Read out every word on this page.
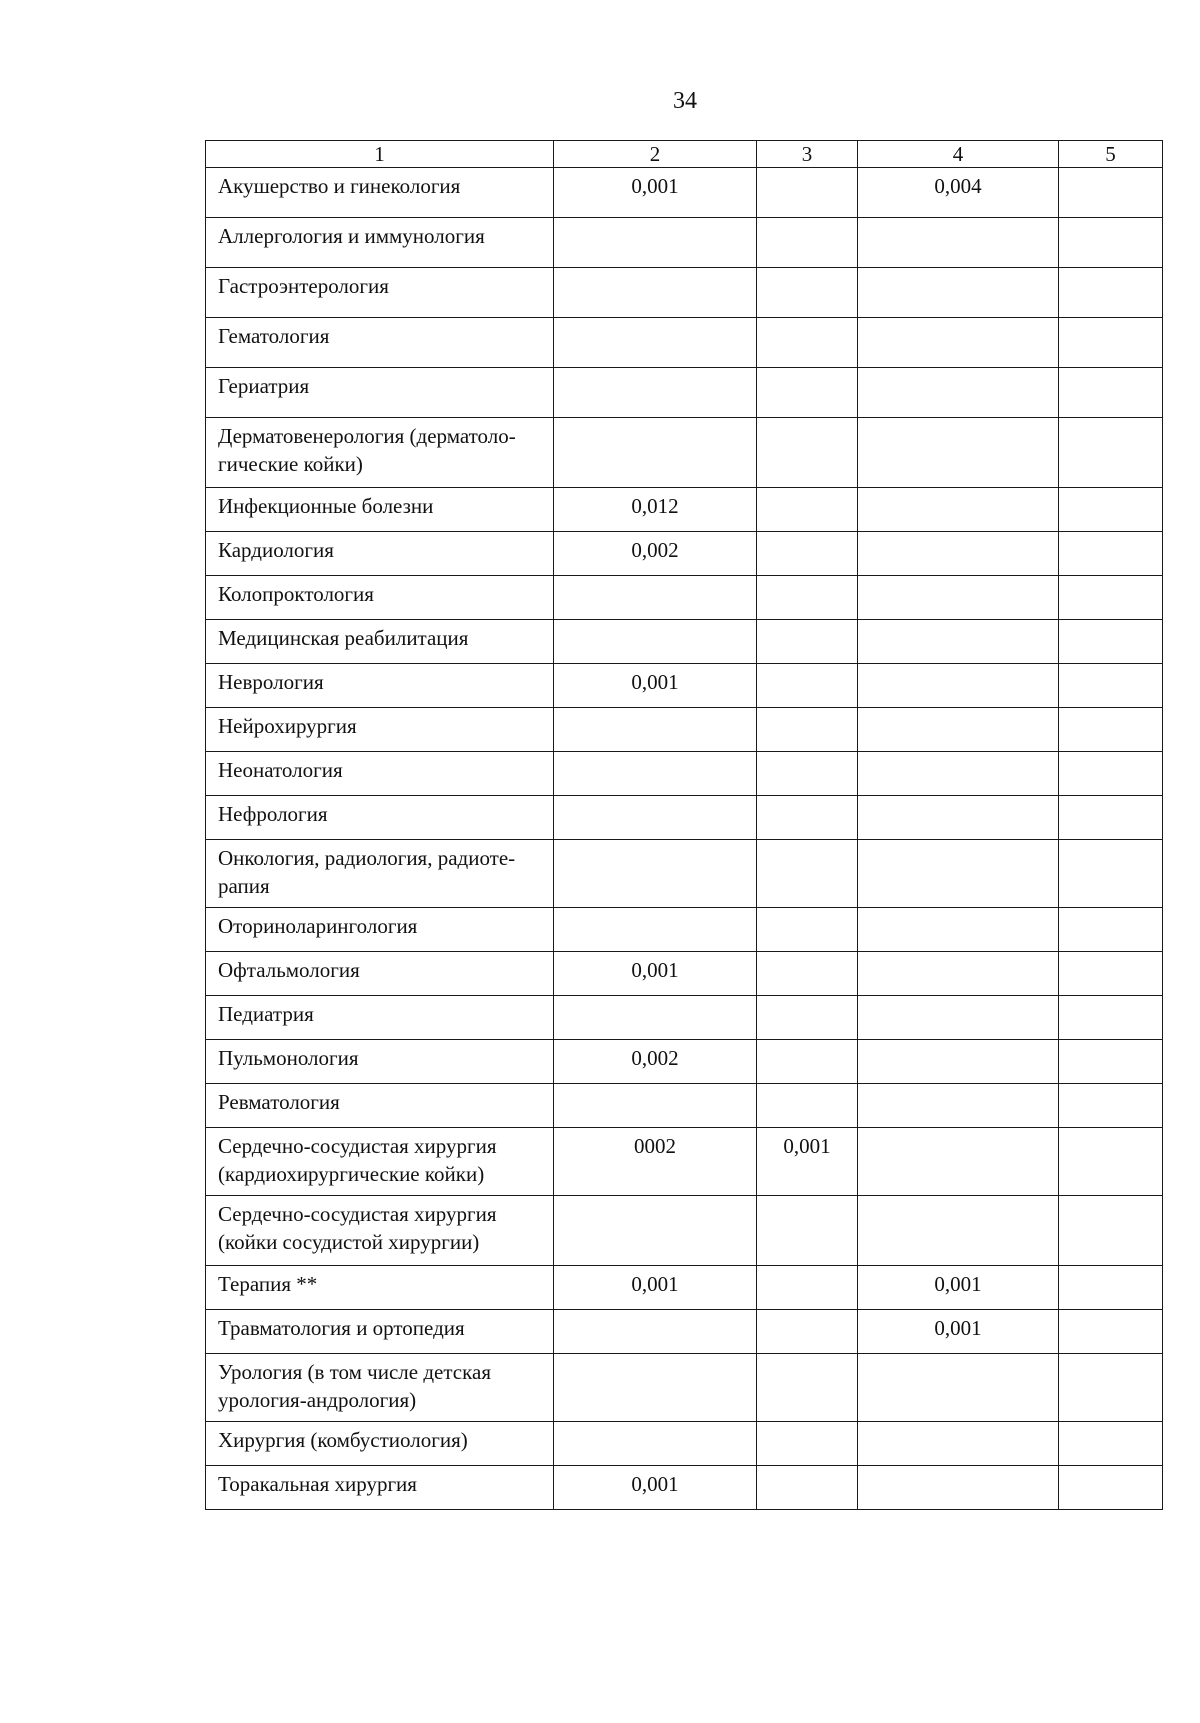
34
1	2	3	4	5
Акушерство и гинекология	0,001		0,004	
Аллергология и иммунология				
Гастроэнтерология				
Гематология				
Гериатрия				
Дерматовенерология (дерматоло-гические койки)				
Инфекционные болезни	0,012			
Кардиология	0,002			
Колопроктология				
Медицинская реабилитация				
Неврология	0,001			
Нейрохирургия				
Неонатология				
Нефрология				
Онкология, радиология, радиоте-рапия				
Оториноларингология				
Офтальмология	0,001			
Педиатрия				
Пульмонология	0,002			
Ревматология				
Сердечно-сосудистая хирургия (кардиохирургические койки)	0002	0,001		
Сердечно-сосудистая хирургия (койки сосудистой хирургии)				
Терапия **	0,001		0,001	
Травматология и ортопедия			0,001	
Урология (в том числе детская урология-андрология)				
Хирургия (комбустиология)				
Торакальная хирургия	0,001			
